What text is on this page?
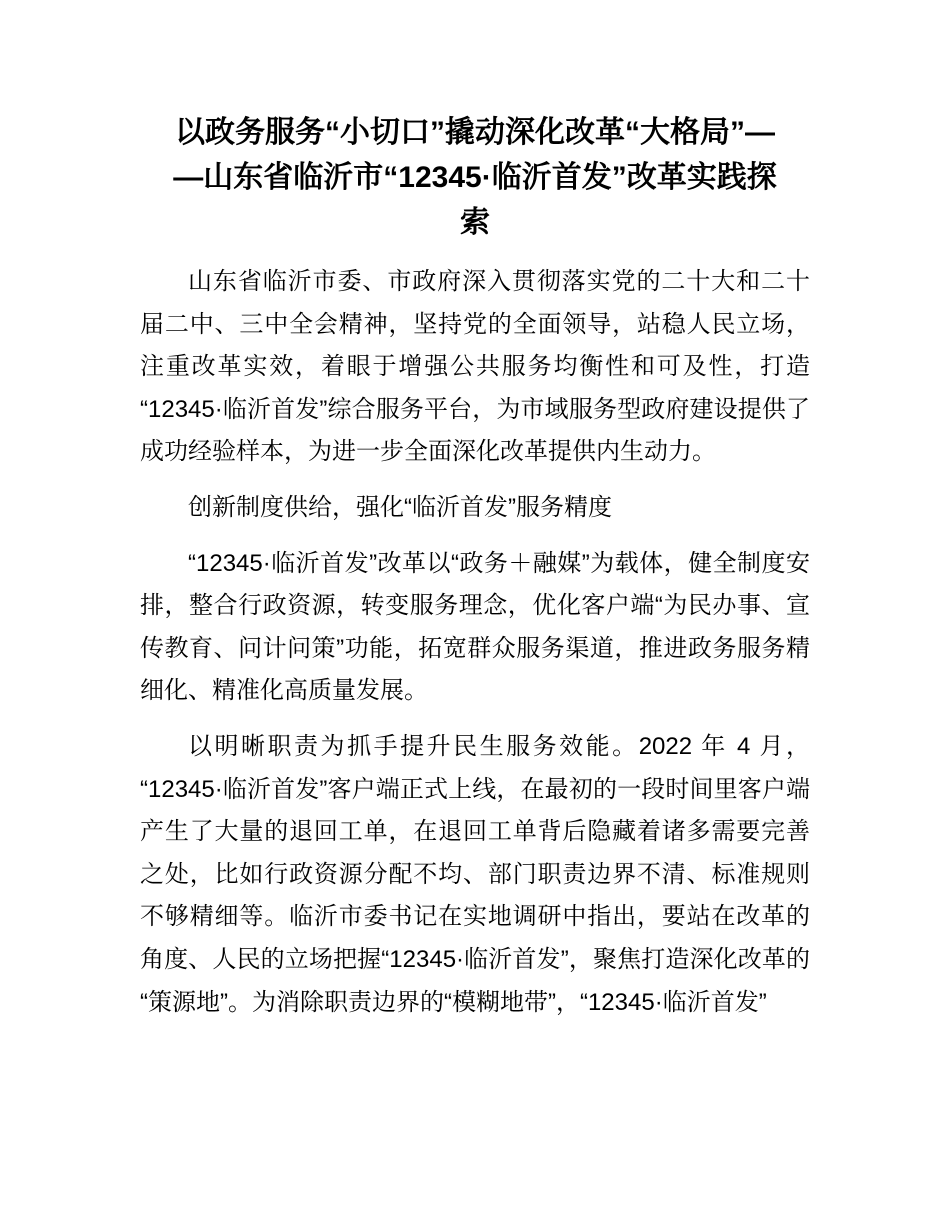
以政务服务“小切口”撬动深化改革“大格局”—
—山东省临沂市“12345·临沂首发”改革实践探
索

山东省临沂市委、市政府深入贯彻落实党的二十大和二十届二中、三中全会精神，坚持党的全面领导，站稳人民立场，注重改革实效，着眼于增强公共服务均衡性和可及性，打造“12345·临沂首发”综合服务平台，为市域服务型政府建设提供了成功经验样本，为进一步全面深化改革提供内生动力。

创新制度供给，强化“临沂首发”服务精度

“12345·临沂首发”改革以“政务＋融媒”为载体，健全制度安排，整合行政资源，转变服务理念，优化客户端“为民办事、宣传教育、问计问策”功能，拓宽群众服务渠道，推进政务服务精细化、精准化高质量发展。

以明晰职责为抓手提升民生服务效能。2022 年 4 月，“12345·临沂首发”客户端正式上线，在最初的一段时间里客户端产生了大量的退回工单，在退回工单背后隐藏着诸多需要完善之处，比如行政资源分配不均、部门职责边界不清、标准规则不够精细等。临沂市委书记在实地调研中指出，要站在改革的角度、人民的立场把握“12345·临沂首发”，聚焦打造深化改革的“策源地”。为消除职责边界的“模糊地带”，“12345·临沂首发”
